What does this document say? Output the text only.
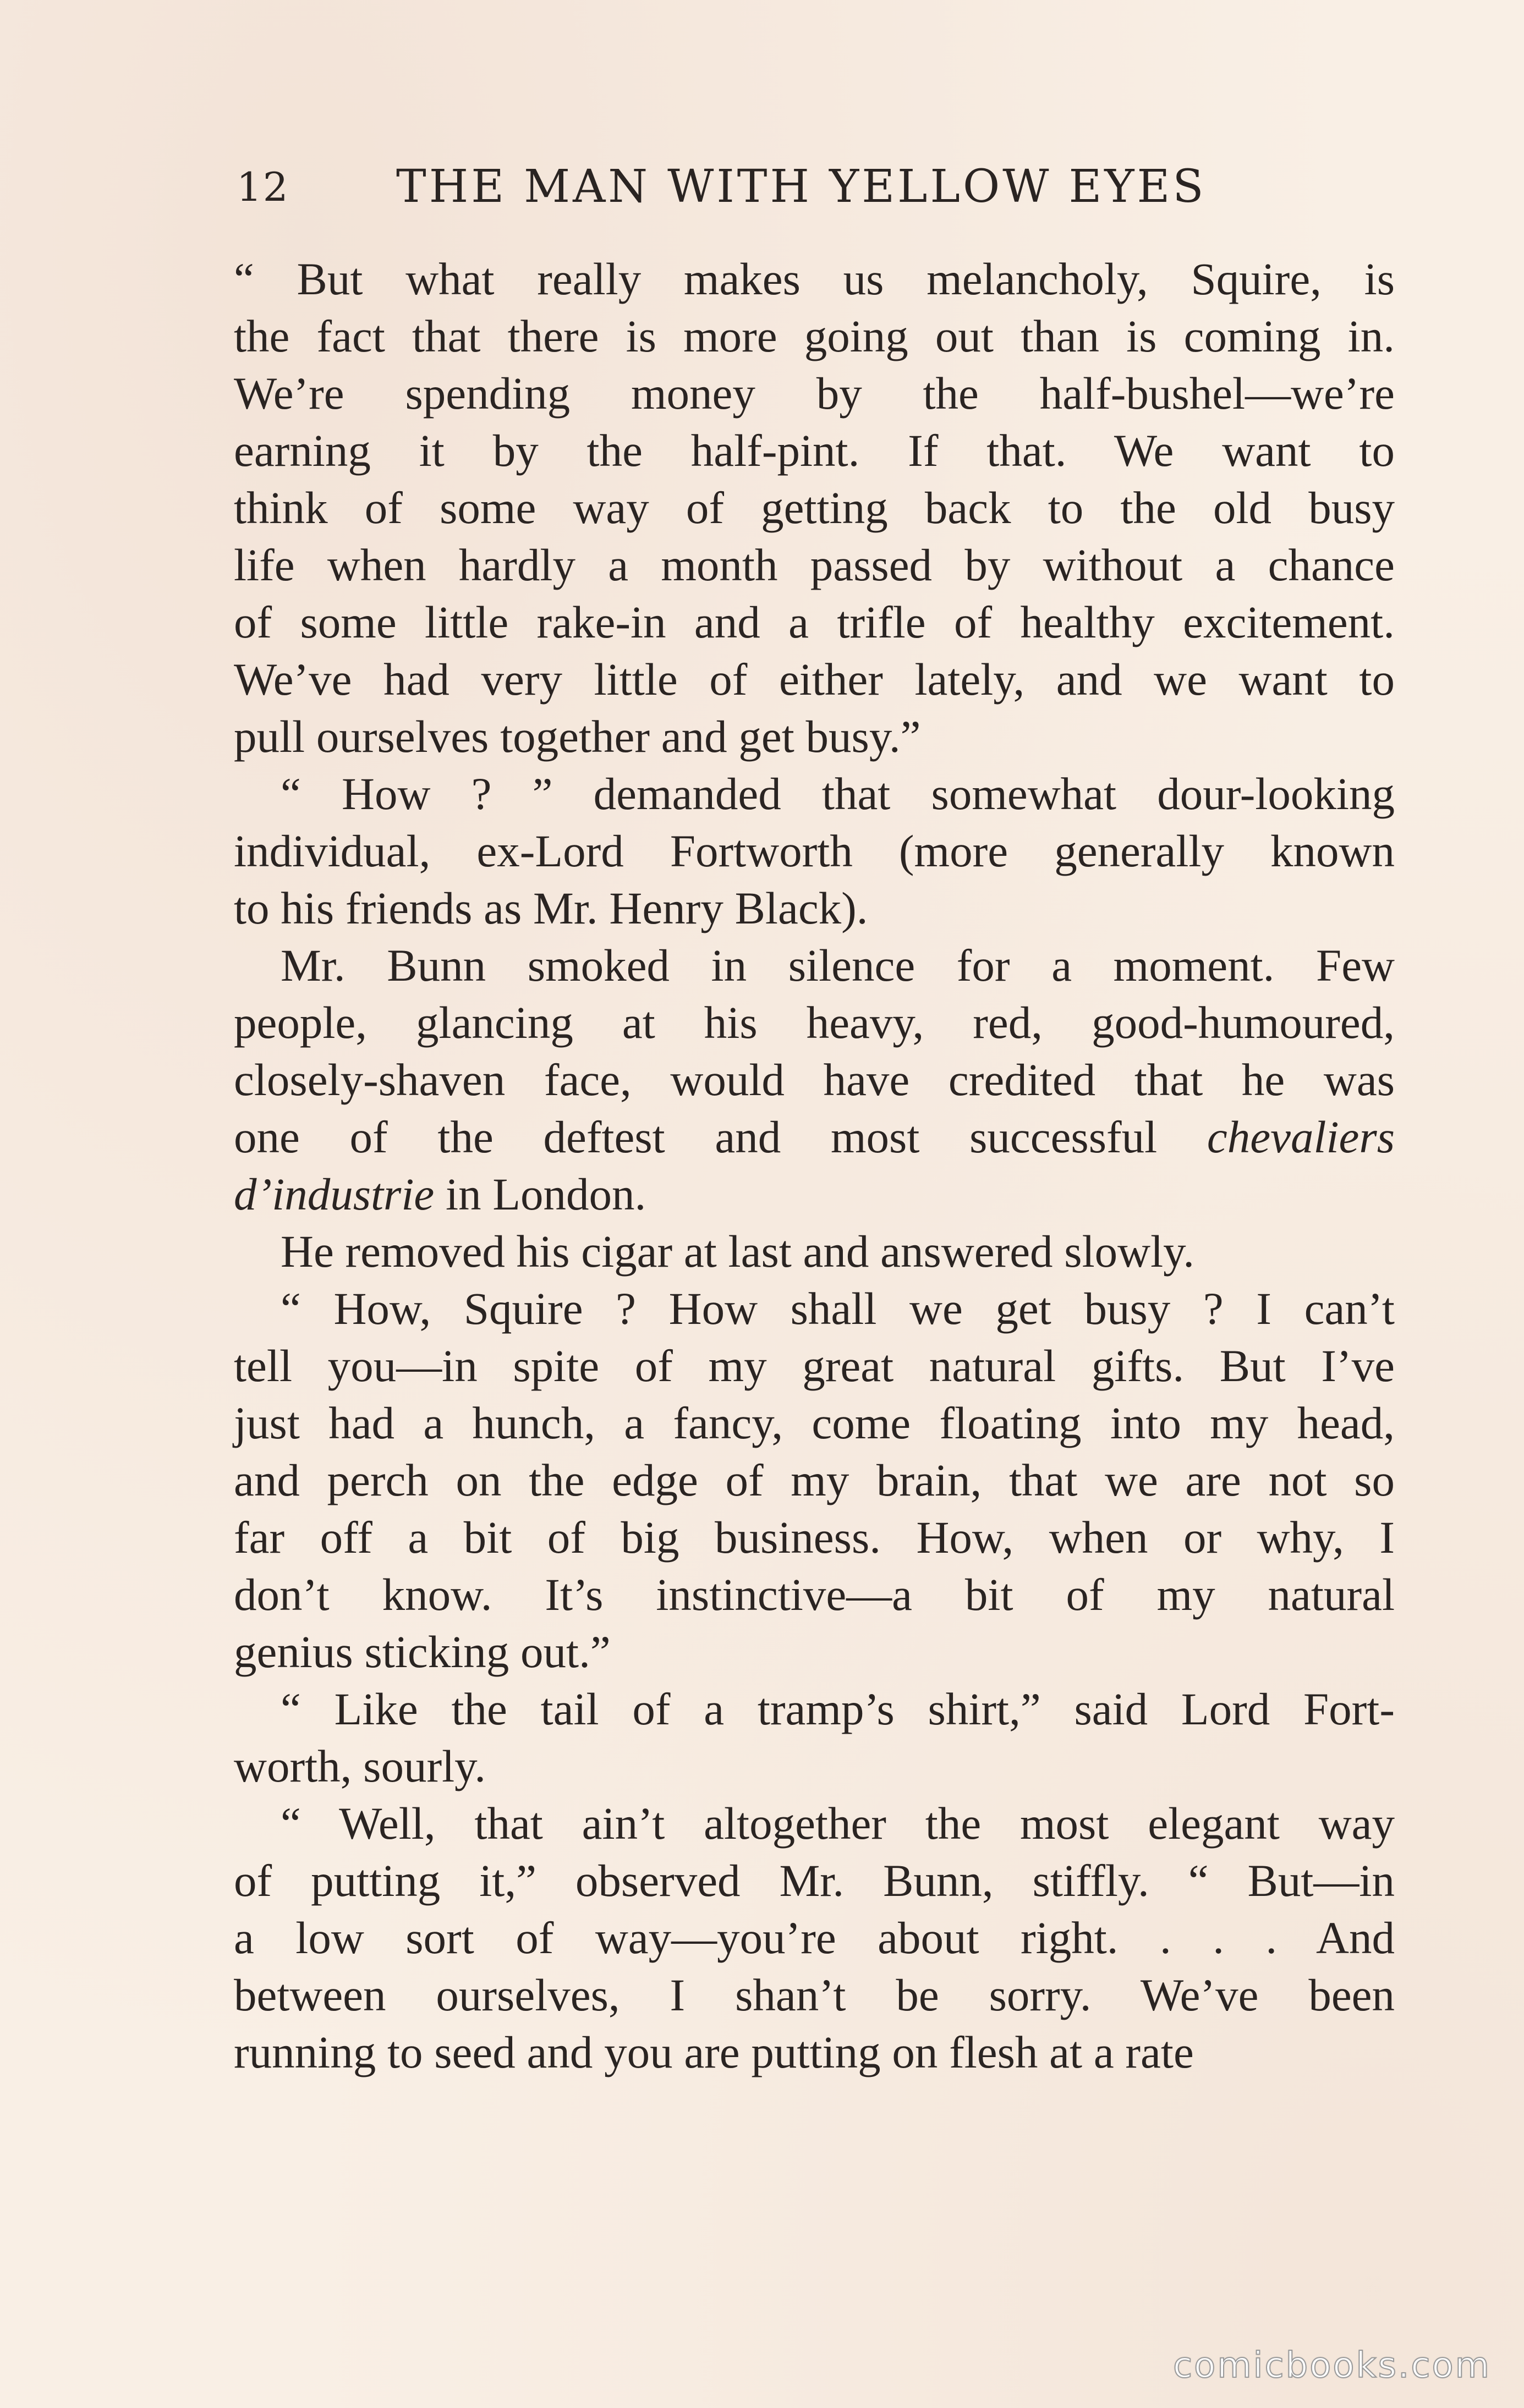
12 THE MAN WITH YELLOW EYES
“ But what really makes us melancholy, Squire, is
the fact that there is more going out than is coming in.
We’re spending money by the half-bushel—we’re
earning it by the half-pint. If that. We want to
think of some way of getting back to the old busy
life when hardly a month passed by without a chance
of some little rake-in and a trifle of healthy excitement.
We’ve had very little of either lately, and we want to
pull ourselves together and get busy.”
“ How ? ” demanded that somewhat dour-looking
individual, ex-Lord Fortworth (more generally known
to his friends as Mr. Henry Black).
Mr. Bunn smoked in silence for a moment. Few
people, glancing at his heavy, red, good-humoured,
closely-shaven face, would have credited that he was
one of the deftest and most successful chevaliers
d’industrie in London.
He removed his cigar at last and answered slowly.
“ How, Squire ? How shall we get busy ? I can’t
tell you—in spite of my great natural gifts. But I’ve
just had a hunch, a fancy, come floating into my head,
and perch on the edge of my brain, that we are not so
far off a bit of big business. How, when or why, I
don’t know. It’s instinctive—a bit of my natural
genius sticking out.”
“ Like the tail of a tramp’s shirt,” said Lord Fort-
worth, sourly.
“ Well, that ain’t altogether the most elegant way
of putting it,” observed Mr. Bunn, stiffly. “ But—in
a low sort of way—you’re about right. . . . And
between ourselves, I shan’t be sorry. We’ve been
running to seed and you are putting on flesh at a rate
comicbooks.com
